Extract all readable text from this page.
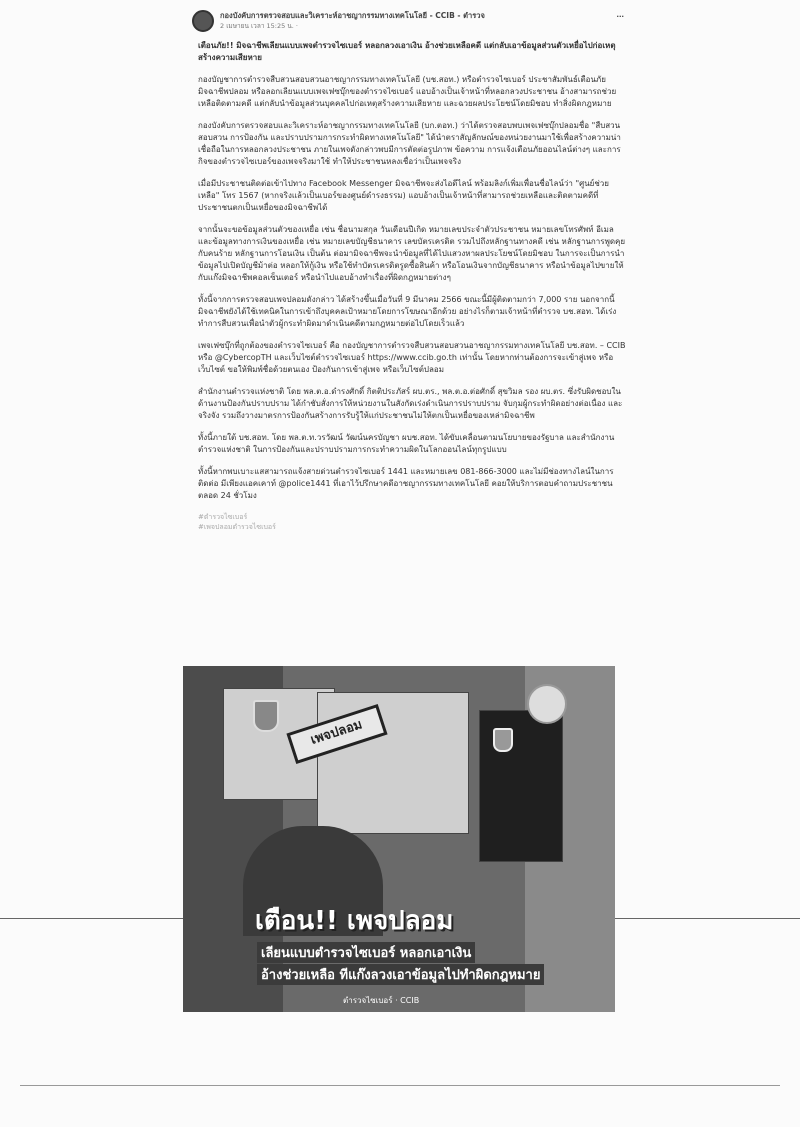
กองบังคับการตรวจสอบและวิเคราะห์อาชญากรรมทางเทคโนโลยี - CCIB - ตำรวจ
2 เมษายน เวลา 15:25 น. ·
···
เตือนภัย!! มิจฉาชีพเลียนแบบเพจตำรวจไซเบอร์ หลอกลวงเอาเงิน อ้างช่วยเหลือคดี แต่กลับเอาข้อมูลส่วนตัวเหยื่อไปก่อเหตุสร้างความเสียหาย
กองบัญชาการตำรวจสืบสวนสอบสวนอาชญากรรมทางเทคโนโลยี (บช.สอท.) หรือตำรวจไซเบอร์ ประชาสัมพันธ์เตือนภัย มิจฉาชีพปลอม หรือลอกเลียนแบบเพจเฟซบุ๊กของตำรวจไซเบอร์ แอบอ้างเป็นเจ้าหน้าที่หลอกลวงประชาชน อ้างสามารถช่วยเหลือติดตามคดี แต่กลับนำข้อมูลส่วนบุคคลไปก่อเหตุสร้างความเสียหาย และฉวยผลประโยชน์โดยมิชอบ ทำสิ่งผิดกฎหมาย
กองบังคับการตรวจสอบและวิเคราะห์อาชญากรรมทางเทคโนโลยี (บก.ตอท.) ว่าได้ตรวจสอบพบเพจเฟซบุ๊กปลอมชื่อ "สืบสวน สอบสวน การป้องกัน และปราบปรามการกระทำผิดทางเทคโนโลยี" ได้นำตราสัญลักษณ์ของหน่วยงานมาใช้เพื่อสร้างความน่าเชื่อถือในการหลอกลวงประชาชน ภายในเพจดังกล่าวพบมีการตัดต่อรูปภาพ ข้อความ การแจ้งเตือนภัยออนไลน์ต่างๆ และการกิจของตำรวจไซเบอร์ของเพจจริงมาใช้ ทำให้ประชาชนหลงเชื่อว่าเป็นเพจจริง
เมื่อมีประชาชนติดต่อเข้าไปทาง Facebook Messenger มิจฉาชีพจะส่งไอดีไลน์ พร้อมลิงก์เพิ่มเพื่อนชื่อไลน์ว่า "ศูนย์ช่วยเหลือ" โทร 1567 (หากจริงแล้วเป็นเบอร์ของศูนย์ดำรงธรรม) แอบอ้างเป็นเจ้าหน้าที่สามารถช่วยเหลือและติดตามคดีที่ประชาชนตกเป็นเหยื่อของมิจฉาชีพได้
จากนั้นจะขอข้อมูลส่วนตัวของเหยื่อ เช่น ชื่อนามสกุล วันเดือนปีเกิด หมายเลขประจำตัวประชาชน หมายเลขโทรศัพท์ อีเมล และข้อมูลทางการเงินของเหยื่อ เช่น หมายเลขบัญชีธนาคาร เลขบัตรเครดิต รวมไปถึงหลักฐานทางคดี เช่น หลักฐานการพูดคุยกับคนร้าย หลักฐานการโอนเงิน เป็นต้น ต่อมามิจฉาชีพจะนำข้อมูลที่ได้ไปแสวงหาผลประโยชน์โดยมิชอบ ในการจะเป็นการนำข้อมูลไปเปิดบัญชีม้าต่อ หลอกให้กู้เงิน หรือใช้ทำบัตรเครดิตรูดซื้อสินค้า หรือโอนเงินจากบัญชีธนาคาร หรือนำข้อมูลไปขายให้กับแก๊งมิจฉาชีพคอลเซ็นเตอร์ หรือนำไปแอบอ้างทำเรื่องที่ผิดกฎหมายต่างๆ
ทั้งนี้จากการตรวจสอบเพจปลอมดังกล่าว ได้สร้างขึ้นเมื่อวันที่ 9 มีนาคม 2566 ขณะนี้มีผู้ติดตามกว่า 7,000 ราย นอกจากนี้มิจฉาชีพยังได้ใช้เทคนิคในการเข้าถึงบุคคลเป้าหมายโดยการโฆษณาอีกด้วย อย่างไรก็ตามเจ้าหน้าที่ตำรวจ บช.สอท. ได้เร่งทำการสืบสวนเพื่อนำตัวผู้กระทำผิดมาดำเนินคดีตามกฎหมายต่อไปโดยเร็วแล้ว
เพจเฟซบุ๊กที่ถูกต้องของตำรวจไซเบอร์ คือ กองบัญชาการตำรวจสืบสวนสอบสวนอาชญากรรมทางเทคโนโลยี บช.สอท. – CCIB หรือ @CybercopTH และเว็บไซต์ตำรวจไซเบอร์ https://www.ccib.go.th เท่านั้น โดยหากท่านต้องการจะเข้าสู่เพจ หรือเว็บไซต์ ขอให้พิมพ์ชื่อด้วยตนเอง ป้องกันการเข้าสู่เพจ หรือเว็บไซต์ปลอม
สำนักงานตำรวจแห่งชาติ โดย พล.ต.อ.ดำรงศักดิ์ กิตติประภัสร์ ผบ.ตร., พล.ต.อ.ต่อศักดิ์ สุขวิมล รอง ผบ.ตร. ซึ่งรับผิดชอบในด้านงานป้องกันปราบปราม ได้กำชับสั่งการให้หน่วยงานในสังกัดเร่งดำเนินการปราบปราม จับกุมผู้กระทำผิดอย่างต่อเนื่อง และจริงจัง รวมถึงวางมาตรการป้องกันสร้างการรับรู้ให้แก่ประชาชนไม่ให้ตกเป็นเหยื่อของเหล่ามิจฉาชีพ
ทั้งนี้ภายใต้ บช.สอท. โดย พล.ต.ท.วรวัฒน์ วัฒน์นครบัญชา ผบช.สอท. ได้ขับเคลื่อนตามนโยบายของรัฐบาล และสำนักงานตำรวจแห่งชาติ ในการป้องกันและปราบปรามการกระทำความผิดในโลกออนไลน์ทุกรูปแบบ
ทั้งนี้หากพบเบาะแสสามารถแจ้งสายด่วนตำรวจไซเบอร์ 1441 และหมายเลข 081-866-3000 และไม่มีช่องทางไลน์ในการติดต่อ มีเพียงแอคเคาท์ @police1441 ที่เอาไว้ปรึกษาคดีอาชญากรรมทางเทคโนโลยี คอยให้บริการตอบคำถามประชาชน ตลอด 24 ชั่วโมง
#ตำรวจไซเบอร์
#เพจปลอมตำรวจไซเบอร์
เพจปลอม
เตือน!! เพจปลอม
เลียนแบบตำรวจไซเบอร์ หลอกเอาเงิน
อ้างช่วยเหลือ ทีแก๊งลวงเอาข้อมูลไปทำผิดกฎหมาย
ตำรวจไซเบอร์ · CCIB
